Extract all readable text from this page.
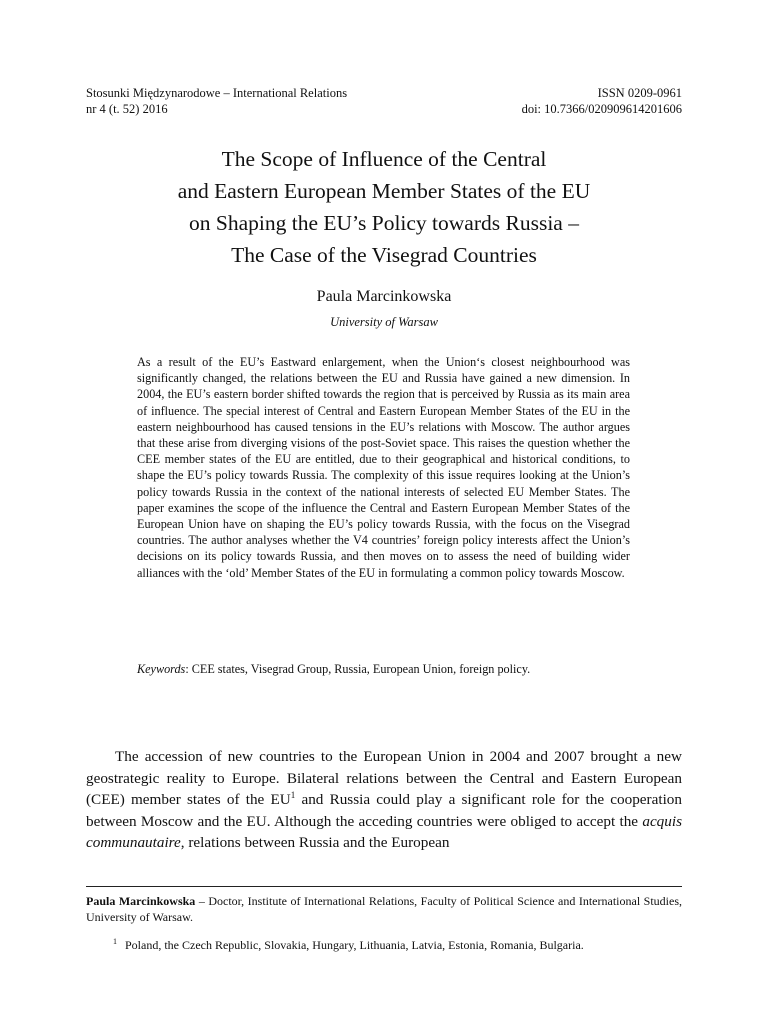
Stosunki Międzynarodowe – International Relations
nr 4 (t. 52) 2016
ISSN 0209-0961
doi: 10.7366/020909614201606
The Scope of Influence of the Central
and Eastern European Member States of the EU
on Shaping the EU’s Policy towards Russia –
The Case of the Visegrad Countries
Paula Marcinkowska
University of Warsaw

As a result of the EU’s Eastward enlargement, when the Union‘s closest neighbourhood was significantly changed, the relations between the EU and Russia have gained a new dimension. In 2004, the EU’s eastern border shifted towards the region that is perceived by Russia as its main area of influence. The special interest of Central and Eastern European Member States of the EU in the eastern neighbourhood has caused tensions in the EU’s relations with Moscow. The author argues that these arise from diverging visions of the post-Soviet space. This raises the question whether the CEE member states of the EU are entitled, due to their geographical and historical conditions, to shape the EU’s policy towards Russia. The complexity of this issue requires looking at the Union’s policy towards Russia in the context of the national interests of selected EU Member States. The paper examines the scope of the influence the Central and Eastern European Member States of the European Union have on shaping the EU’s policy towards Russia, with the focus on the Visegrad countries. The author analyses whether the V4 countries’ foreign policy interests affect the Union’s decisions on its policy towards Russia, and then moves on to assess the need of building wider alliances with the ‘old’ Member States of the EU in formulating a common policy towards Moscow.

Keywords: CEE states, Visegrad Group, Russia, European Union, foreign policy.

The accession of new countries to the European Union in 2004 and 2007 brought a new geostrategic reality to Europe. Bilateral relations between the Central and Eastern European (CEE) member states of the $EU^1$ and Russia could play a significant role for the cooperation between Moscow and the EU. Although the acceding countries were obliged to accept the acquis communautaire, relations between Russia and the European

Paula Marcinkowska – Doctor, Institute of International Relations, Faculty of Political Science and International Studies, University of Warsaw.
$^1$ Poland, the Czech Republic, Slovakia, Hungary, Lithuania, Latvia, Estonia, Romania, Bulgaria.
